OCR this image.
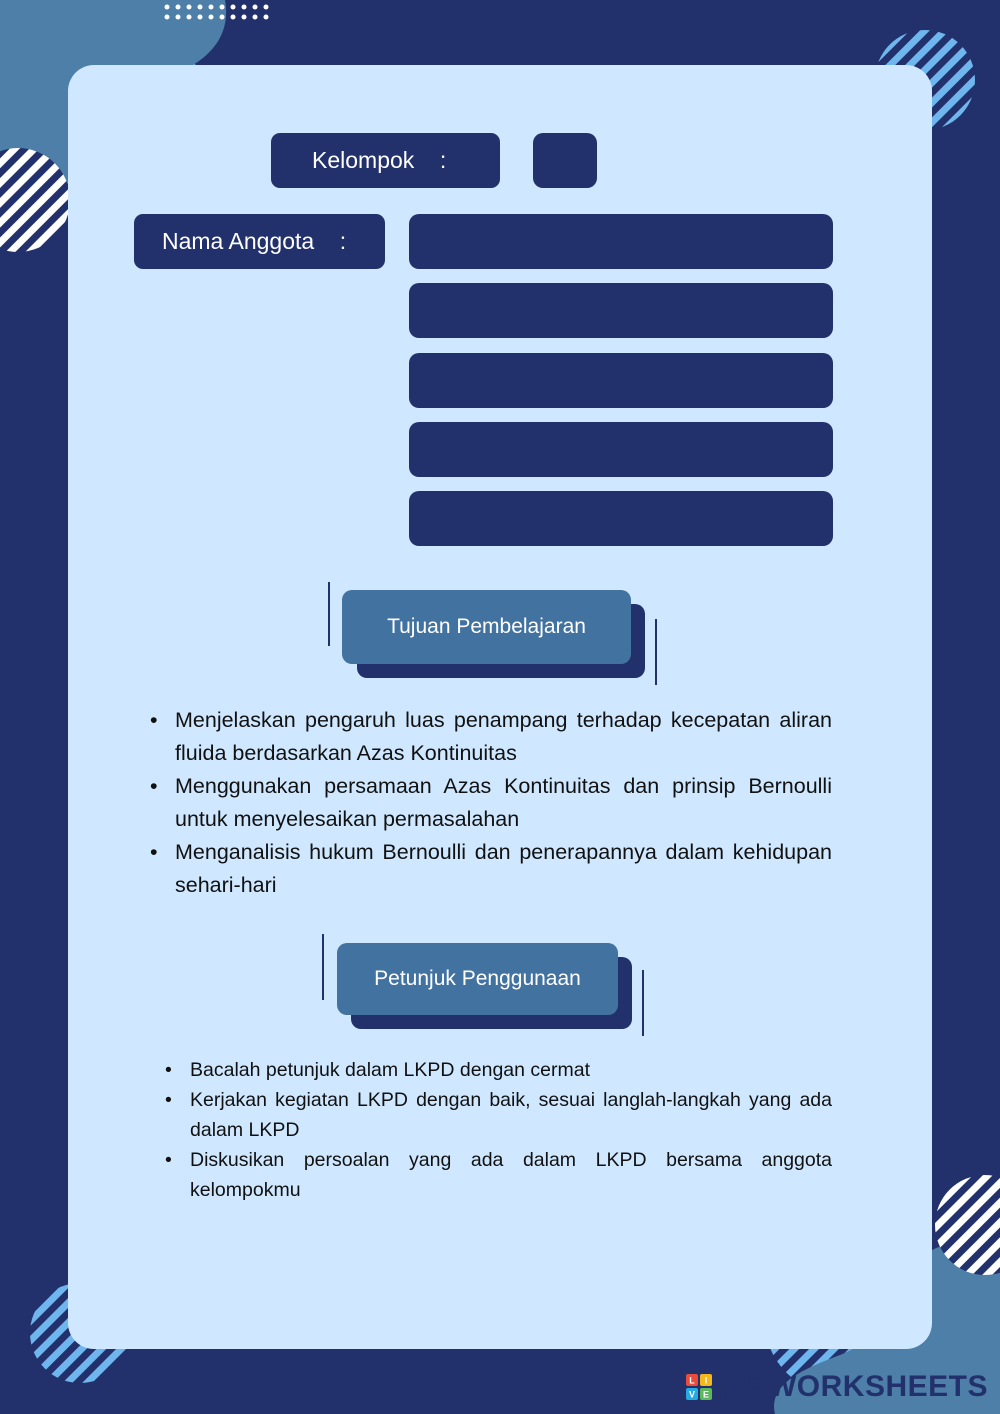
Kelompok    :
Nama Anggota    :
Tujuan Pembelajaran
• Menjelaskan pengaruh luas penampang terhadap kecepatan aliran fluida berdasarkan Azas Kontinuitas
• Menggunakan persamaan Azas Kontinuitas dan prinsip Bernoulli untuk menyelesaikan permasalahan
• Menganalisis hukum Bernoulli dan penerapannya dalam kehidupan sehari-hari
Petunjuk Penggunaan
• Bacalah petunjuk dalam LKPD dengan cermat
• Kerjakan kegiatan LKPD dengan baik, sesuai langlah-langkah yang ada dalam LKPD
• Diskusikan persoalan yang ada dalam LKPD bersama anggota kelompokmu
L I
V E IVEWORKSHEETS
